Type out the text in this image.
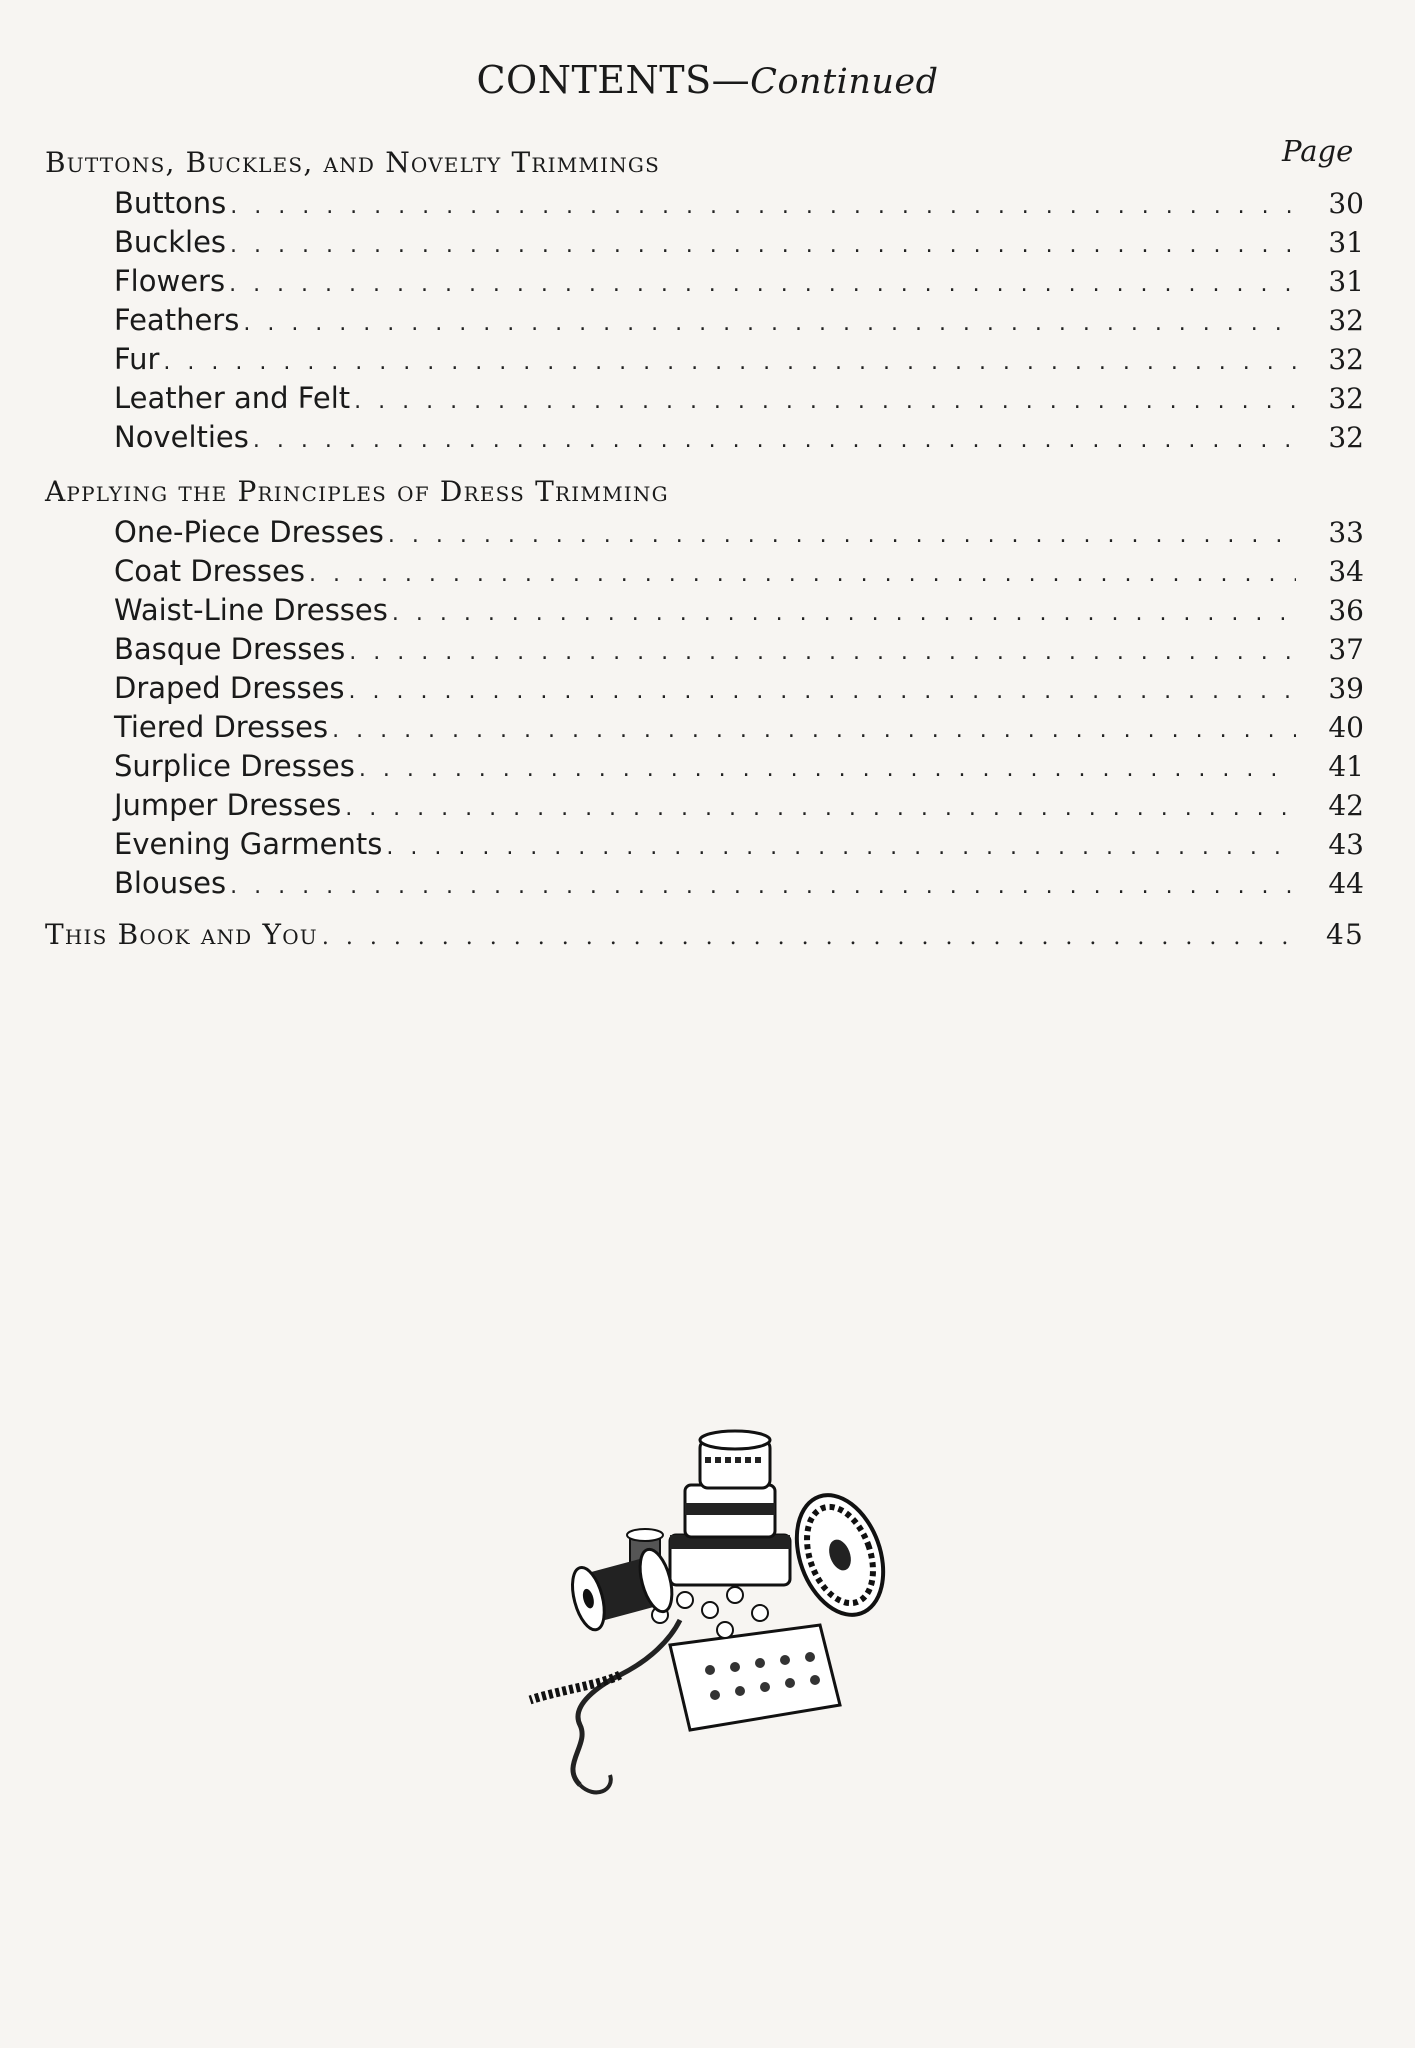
CONTENTS—Continued
Page
Buttons, Buckles, and Novelty Trimmings
Buttons . . .	30
Buckles . . .	31
Flowers . . .	31
Feathers . . .	32
Fur . . .	32
Leather and Felt . . .	32
Novelties . . .	32
Applying the Principles of Dress Trimming
One-Piece Dresses . . .	33
Coat Dresses . . .	34
Waist-Line Dresses . . .	36
Basque Dresses . . .	37
Draped Dresses . . .	39
Tiered Dresses . . .	40
Surplice Dresses . . .	41
Jumper Dresses . . .	42
Evening Garments . . .	43
Blouses . . .	44
This Book and You . . .	45
